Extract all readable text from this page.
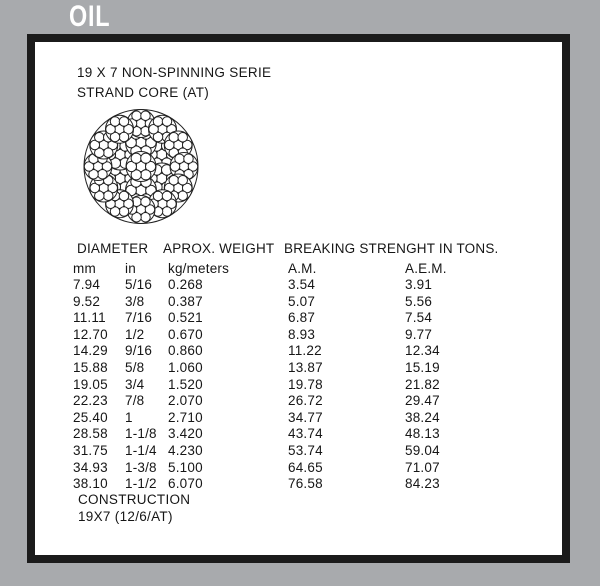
OIL
19 X 7 NON-SPINNING SERIE
STRAND CORE (AT)
DIAMETER APROX. WEIGHT BREAKING STRENGHT IN TONS.
mm in kg/meters	A.M.	A.E.M.
7.94 5/16 0.268	3.54	3.91
9.52 3/8 0.387	5.07	5.56
11.11 7/16 0.521	6.87	7.54
12.70 1/2 0.670	8.93	9.77
14.29 9/16 0.860	11.22	12.34
15.88 5/8 1.060	13.87	15.19
19.05 3/4 1.520	19.78	21.82
22.23 7/8 2.070	26.72	29.47
25.40 1	2.710	34.77	38.24
28.58 1-1/8 3.420	43.74	48.13
31.75 1-1/4 4.230	53.74	59.04
34.93 1-3/8 5.100	64.65	71.07
38.10 1-1/2 6.070	76.58	84.23
CONSTRUCTION
19X7 (12/6/AT)
